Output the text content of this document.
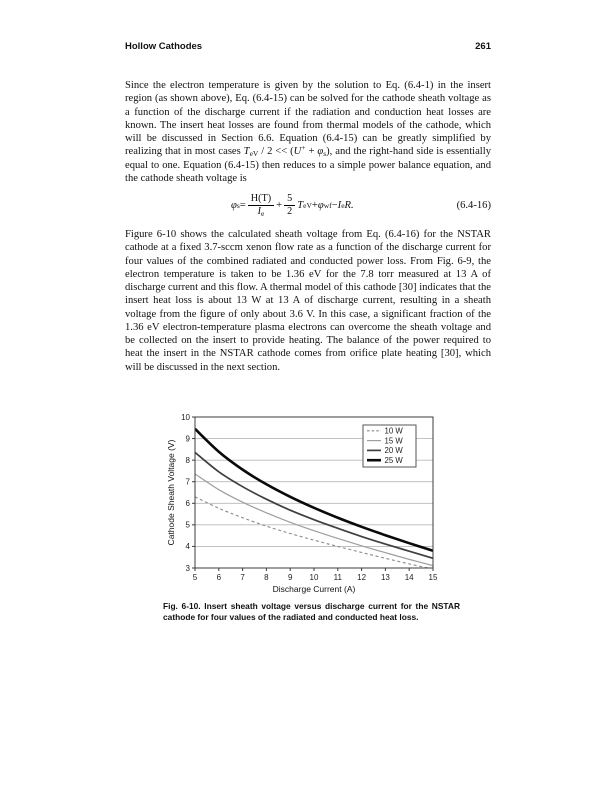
Hollow Cathodes	261

Since the electron temperature is given by the solution to Eq. (6.4-1) in the insert region (as shown above), Eq. (6.4-15) can be solved for the cathode sheath voltage as a function of the discharge current if the radiation and conduction heat losses are known. The insert heat losses are found from thermal models of the cathode, which will be discussed in Section 6.6. Equation (6.4-15) can be greatly simplified by realizing that in most cases $T_{eV} / 2 << (U^+ + \varphi_s)$, and the right-hand side is essentially equal to one. Equation (6.4-15) then reduces to a simple power balance equation, and the cathode sheath voltage is

φ $s = \frac{H(T)}{I_e} + \frac{5}{2}$ T eV + φ wf − I e R.	(6.4-16)

Figure 6-10 shows the calculated sheath voltage from Eq. (6.4-16) for the NSTAR cathode at a fixed 3.7-sccm xenon flow rate as a function of the discharge current for four values of the combined radiated and conducted power loss. From Fig. 6-9, the electron temperature is taken to be 1.36 eV for the 7.8 torr measured at 13 A of discharge current and this flow. A thermal model of this cathode [30] indicates that the insert heat loss is about 13 W at 13 A of discharge current, resulting in a sheath voltage from the figure of only about 3.6 V. In this case, a significant fraction of the 1.36 eV electron-temperature plasma electrons can overcome the sheath voltage and be collected on the insert to provide heating. The balance of the power required to heat the insert in the NSTAR cathode comes from orifice plate heating [30], which will be discussed in the next section.

5 6 7 8 9 10 11 12 13 14 15
3
4
5
6
7
8
9
10
Discharge Current (A)
Cathode Sheath Voltage (V)
10 W
15 W
20 W
25 W
Fig. 6-10. Insert sheath voltage versus discharge current for the NSTAR cathode for four values of the radiated and conducted heat loss.
